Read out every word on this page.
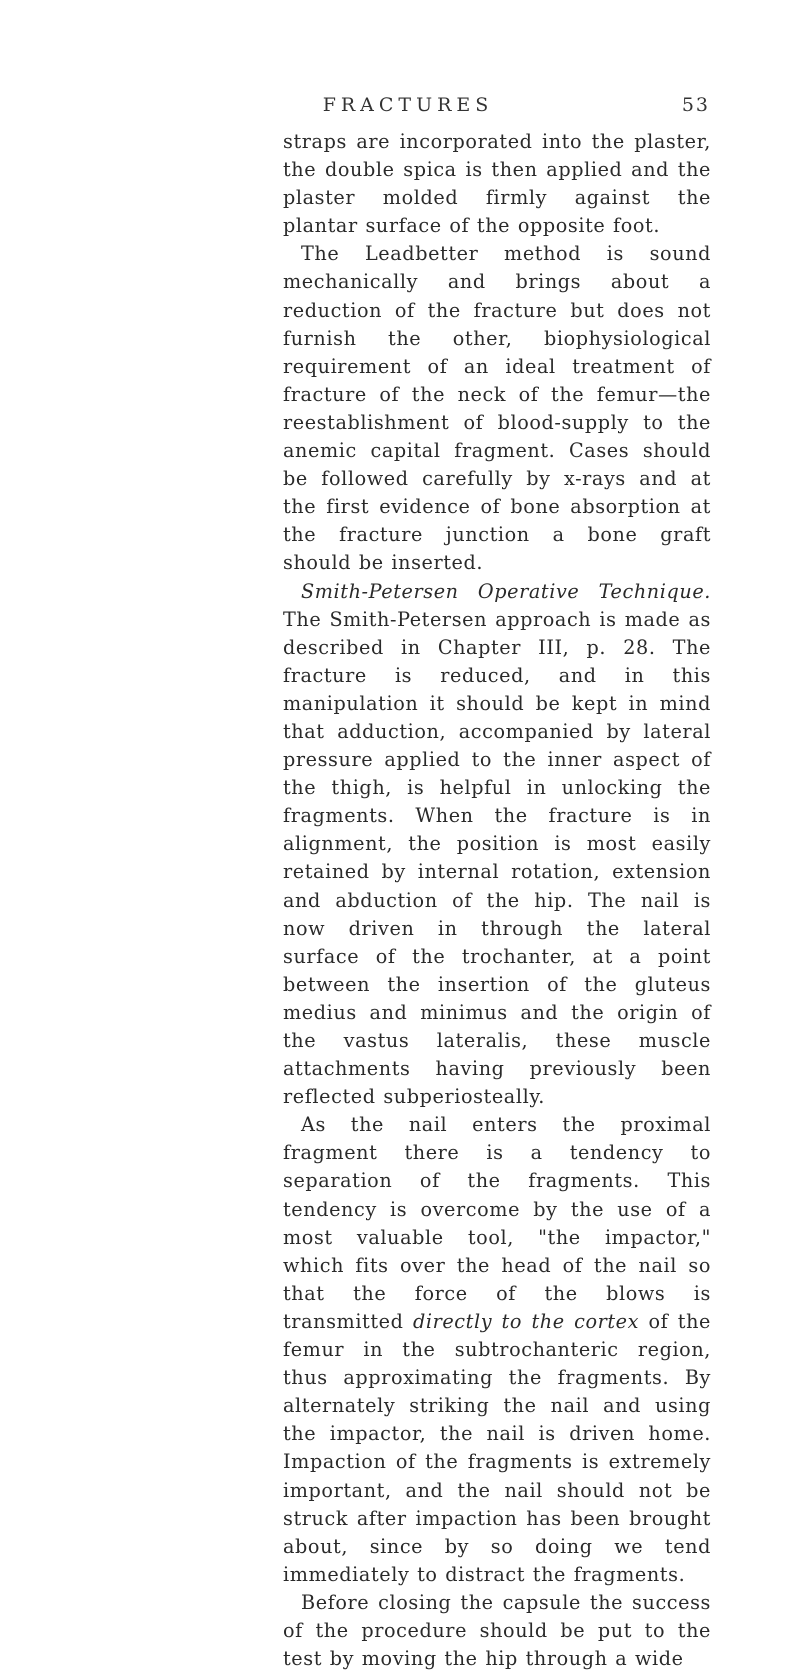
FRACTURES	53

straps are incorporated into the plaster, the double spica is then applied and the plaster molded firmly against the plantar surface of the opposite foot.

The Leadbetter method is sound mechanically and brings about a reduction of the fracture but does not furnish the other, biophysiological requirement of an ideal treatment of fracture of the neck of the femur—the reestablishment of blood-supply to the anemic capital fragment. Cases should be followed carefully by x-rays and at the first evidence of bone absorption at the fracture junction a bone graft should be inserted.

Smith-Petersen Operative Technique. The Smith-Petersen approach is made as described in Chapter III, p. 28. The fracture is reduced, and in this manipulation it should be kept in mind that adduction, accompanied by lateral pressure applied to the inner aspect of the thigh, is helpful in unlocking the fragments. When the fracture is in alignment, the position is most easily retained by internal rotation, extension and abduction of the hip. The nail is now driven in through the lateral surface of the trochanter, at a point between the insertion of the gluteus medius and minimus and the origin of the vastus lateralis, these muscle attachments having previously been reflected subperiosteally.

As the nail enters the proximal fragment there is a tendency to separation of the fragments. This tendency is overcome by the use of a most valuable tool, "the impactor," which fits over the head of the nail so that the force of the blows is transmitted directly to the cortex of the femur in the subtrochanteric region, thus approximating the fragments. By alternately striking the nail and using the impactor, the nail is driven home. Impaction of the fragments is extremely important, and the nail should not be struck after impaction has been brought about, since by so doing we tend immediately to distract the fragments.

Before closing the capsule the success of the procedure should be put to the test by moving the hip through a wide
